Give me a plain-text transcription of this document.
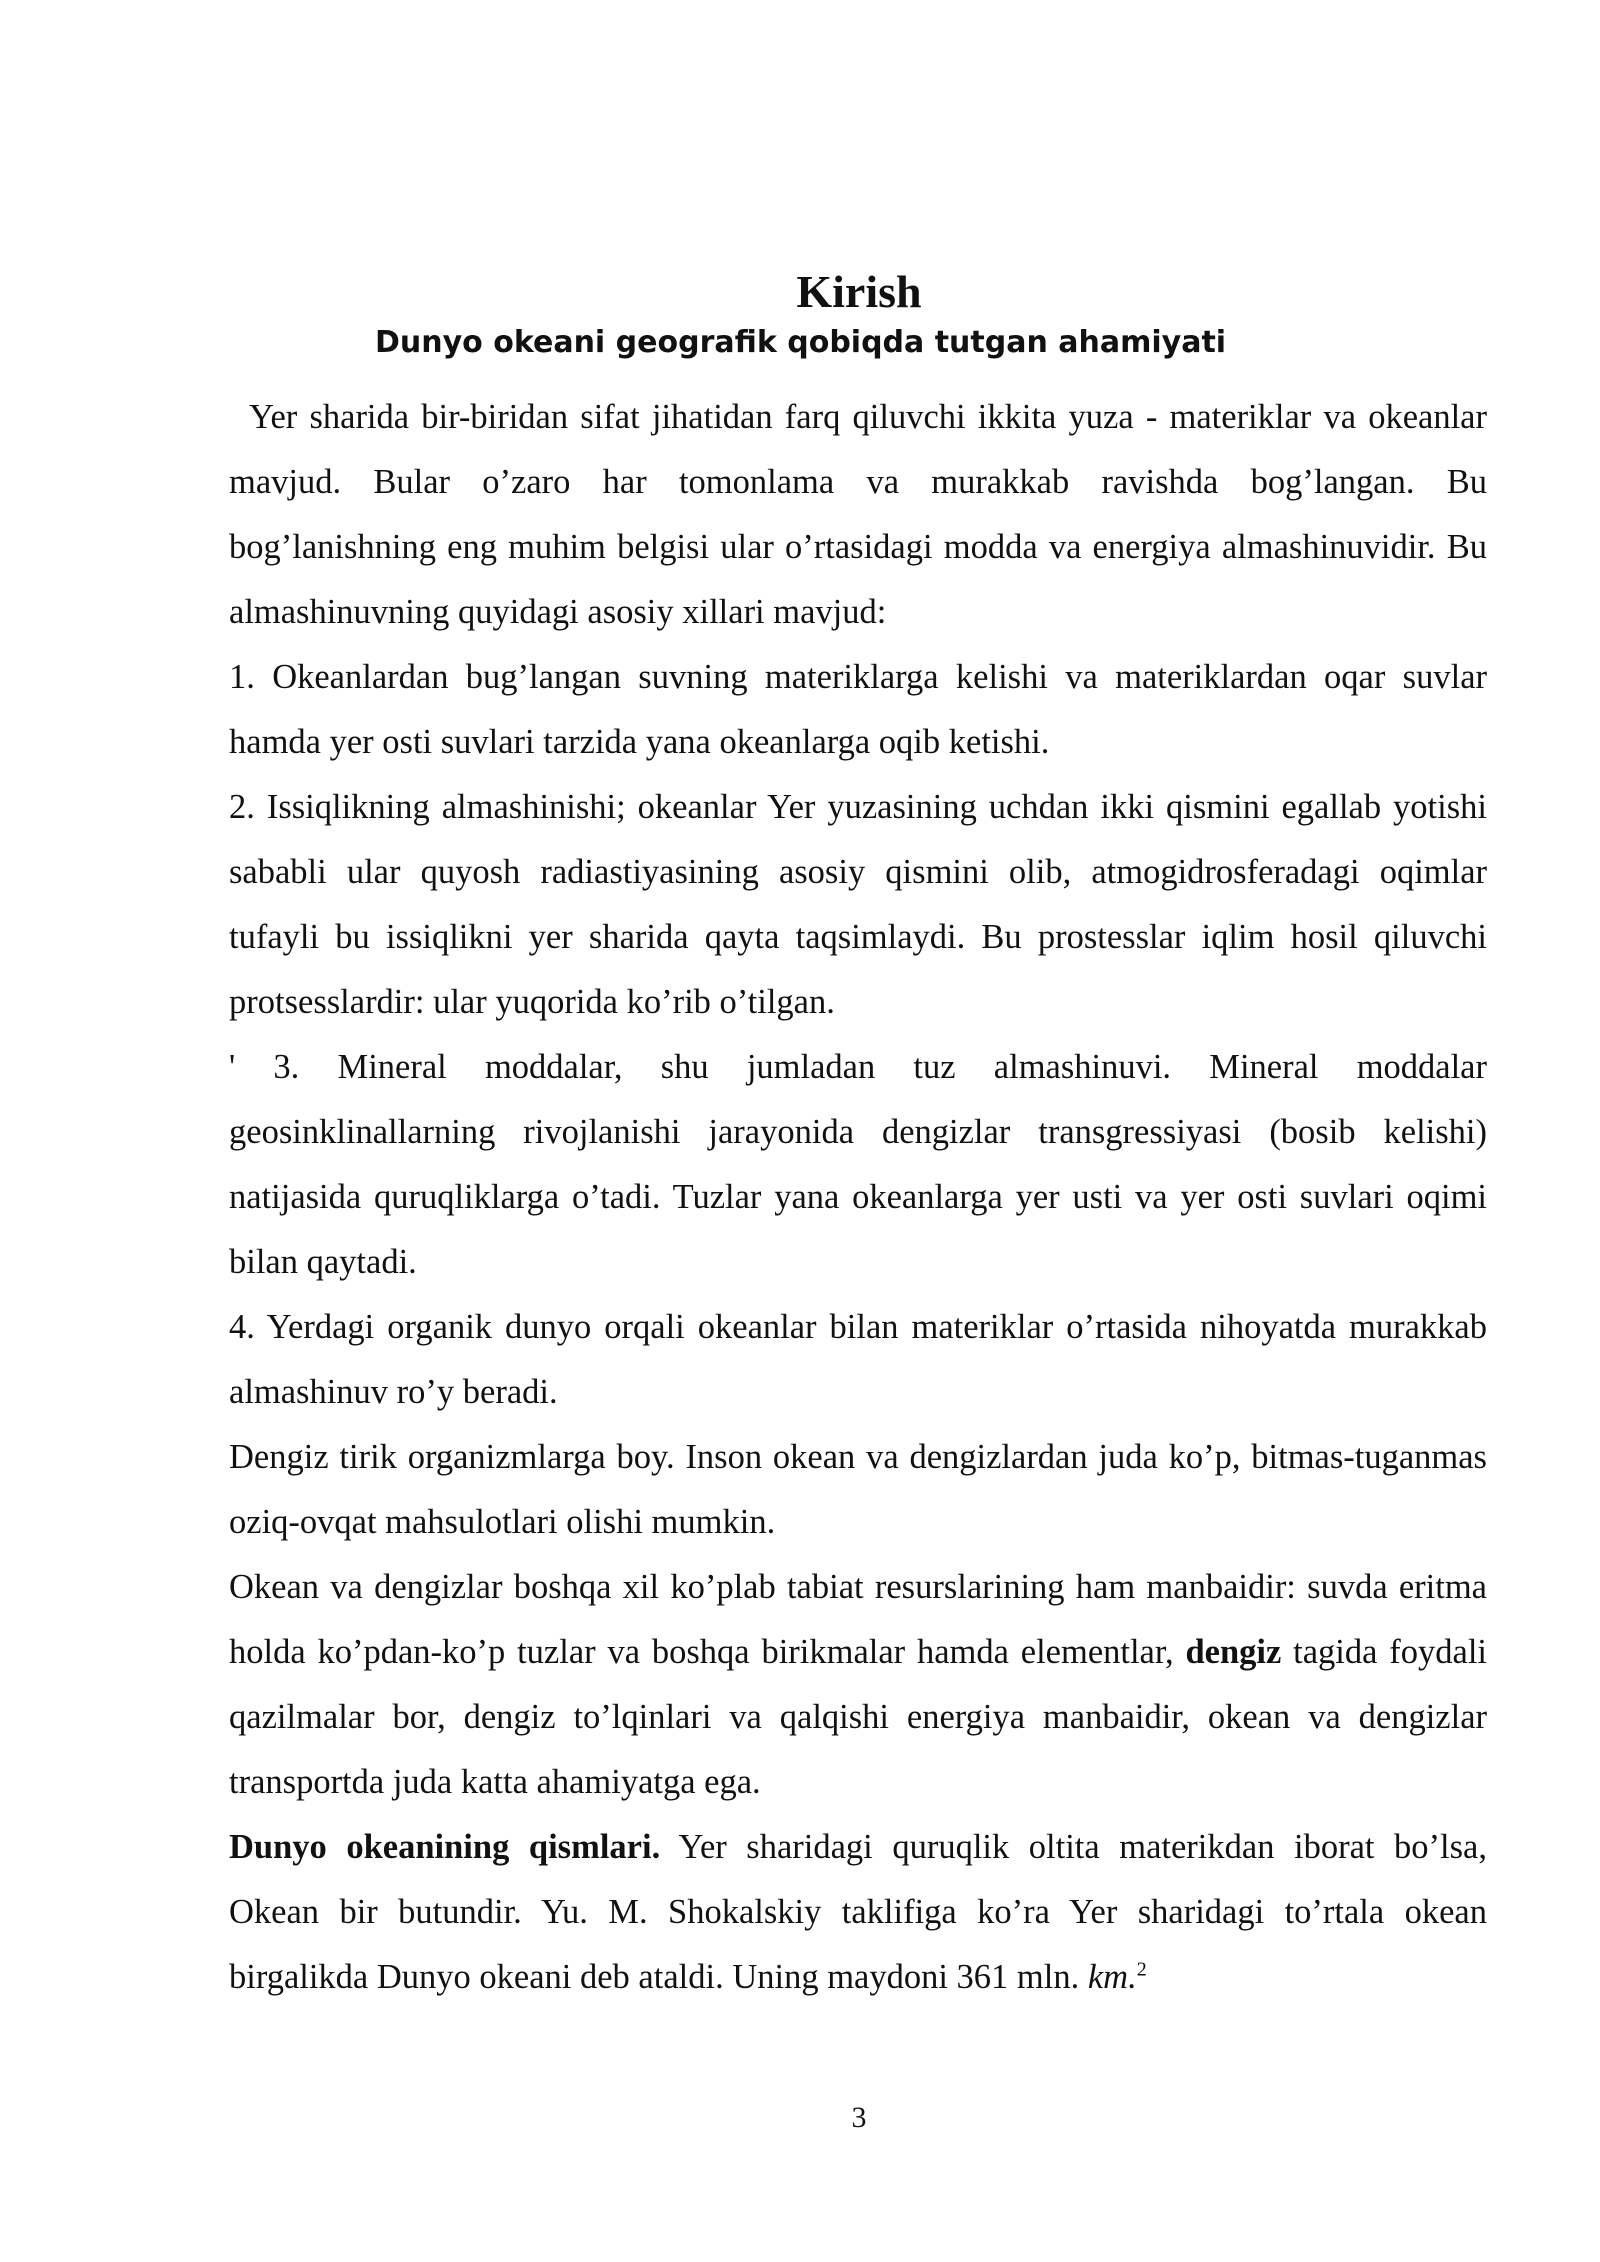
Kirish
Dunyo okeani geografik qobiqda tutgan ahamiyati

Yer sharida bir-biridan sifat jihatidan farq qiluvchi ikkita yuza - materiklar va okeanlar mavjud. Bular o’zaro har tomonlama va murakkab ravishda bog’langan. Bu bog’lanishning eng muhim belgisi ular o’rtasidagi modda va energiya almashinuvidir. Bu almashinuvning quyidagi asosiy xillari mavjud:

1. Okeanlardan bug’langan suvning materiklarga kelishi va materiklardan oqar suvlar hamda yer osti suvlari tarzida yana okeanlarga oqib ketishi.

2. Issiqlikning almashinishi; okeanlar Yer yuzasining uchdan ikki qismini egallab yotishi sababli ular quyosh radiastiyasining asosiy qismini olib, atmogidrosferadagi oqimlar tufayli bu issiqlikni yer sharida qayta taqsimlaydi. Bu prostesslar iqlim hosil qiluvchi protsesslardir: ular yuqorida ko’rib o’tilgan.

' 3. Mineral moddalar, shu jumladan tuz almashinuvi. Mineral moddalar geosinklinallarning rivojlanishi jarayonida dengizlar transgressiyasi (bosib kelishi) natijasida quruqliklarga o’tadi. Tuzlar yana okeanlarga yer usti va yer osti suvlari oqimi bilan qaytadi.

4. Yerdagi organik dunyo orqali okeanlar bilan materiklar o’rtasida nihoyatda murakkab almashinuv ro’y beradi.

Dengiz tirik organizmlarga boy. Inson okean va dengizlardan juda ko’p, bitmas-tuganmas oziq-ovqat mahsulotlari olishi mumkin.

Okean va dengizlar boshqa xil ko’plab tabiat resurslarining ham manbaidir: suvda eritma holda ko’pdan-ko’p tuzlar va boshqa birikmalar hamda elementlar, dengiz tagida foydali qazilmalar bor, dengiz to’lqinlari va qalqishi energiya manbaidir, okean va dengizlar transportda juda katta ahamiyatga ega.

Dunyo okeanining qismlari. Yer sharidagi quruqlik oltita materikdan iborat bo’lsa, Okean bir butundir. Yu. M. Shokalskiy taklifiga ko’ra Yer sharidagi to’rtala okean birgalikda Dunyo okeani deb ataldi. Uning maydoni 361 mln. km.$^2$

3
